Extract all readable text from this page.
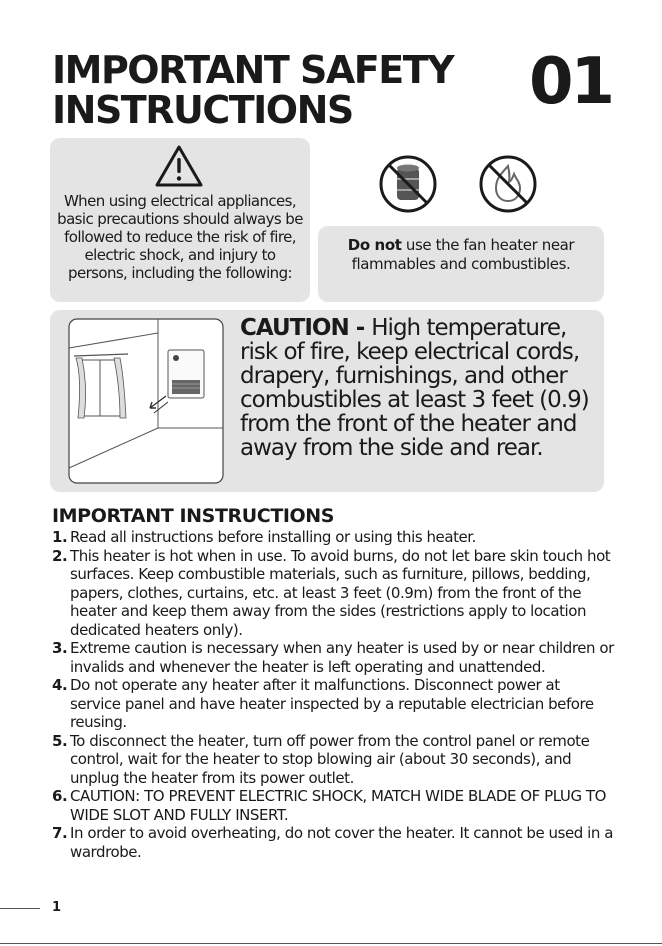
IMPORTANT SAFETY
INSTRUCTIONS	01

When using electrical appliances, basic precautions should always be followed to reduce the risk of fire, electric shock, and injury to persons, including the following:

Do not use the fan heater near flammables and combustibles.

CAUTION - High temperature, risk of fire, keep electrical cords, drapery, furnishings, and other combustibles at least 3 feet (0.9) from the front of the heater and away from the side and rear.

IMPORTANT INSTRUCTIONS
1. Read all instructions before installing or using this heater.
2. This heater is hot when in use. To avoid burns, do not let bare skin touch hot surfaces. Keep combustible materials, such as furniture, pillows, bedding, papers, clothes, curtains, etc. at least 3 feet (0.9m) from the front of the heater and keep them away from the sides (restrictions apply to location dedicated heaters only).
3. Extreme caution is necessary when any heater is used by or near children or invalids and whenever the heater is left operating and unattended.
4. Do not operate any heater after it malfunctions. Disconnect power at service panel and have heater inspected by a reputable electrician before reusing.
5. To disconnect the heater, turn off power from the control panel or remote control, wait for the heater to stop blowing air (about 30 seconds), and unplug the heater from its power outlet.
6. CAUTION: TO PREVENT ELECTRIC SHOCK, MATCH WIDE BLADE OF PLUG TO WIDE SLOT AND FULLY INSERT.
7. In order to avoid overheating, do not cover the heater. It cannot be used in a wardrobe.
1
